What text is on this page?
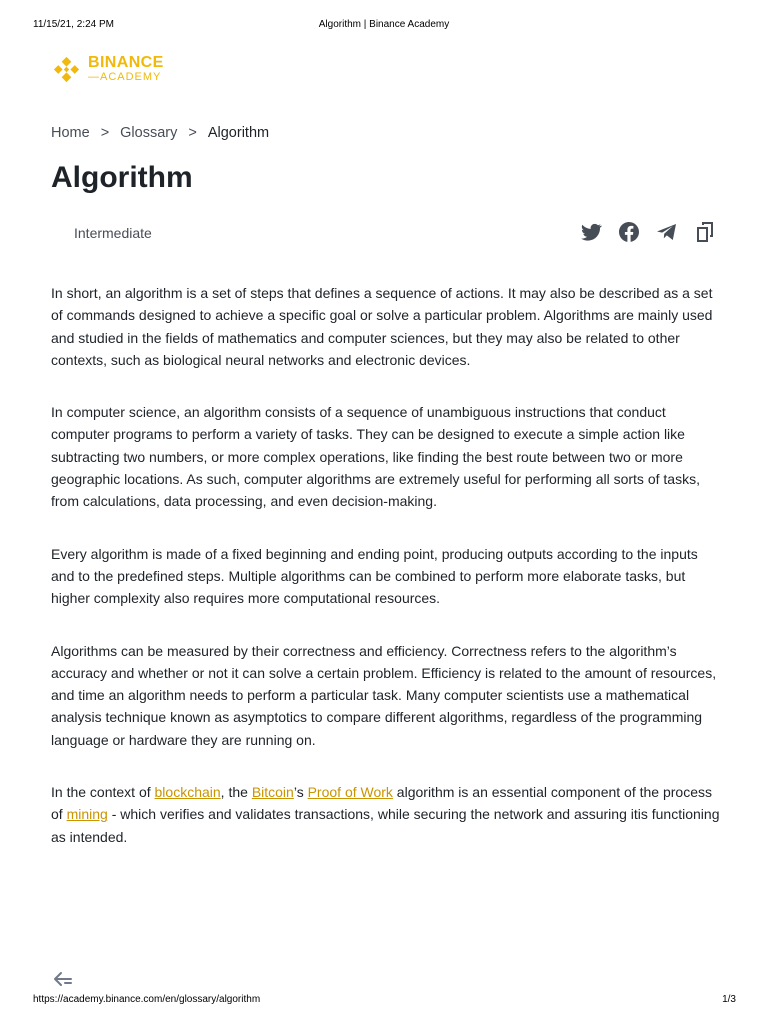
11/15/21, 2:24 PM	Algorithm | Binance Academy
BINANCE
—ACADEMY
Home > Glossary > Algorithm
Algorithm
Intermediate

In short, an algorithm is a set of steps that defines a sequence of actions. It may also be described as a set of commands designed to achieve a specific goal or solve a particular problem. Algorithms are mainly used and studied in the fields of mathematics and computer sciences, but they may also be related to other contexts, such as biological neural networks and electronic devices.

In computer science, an algorithm consists of a sequence of unambiguous instructions that conduct computer programs to perform a variety of tasks. They can be designed to execute a simple action like subtracting two numbers, or more complex operations, like finding the best route between two or more geographic locations. As such, computer algorithms are extremely useful for performing all sorts of tasks, from calculations, data processing, and even decision-making.

Every algorithm is made of a fixed beginning and ending point, producing outputs according to the inputs and to the predefined steps. Multiple algorithms can be combined to perform more elaborate tasks, but higher complexity also requires more computational resources.

Algorithms can be measured by their correctness and efficiency. Correctness refers to the algorithm’s accuracy and whether or not it can solve a certain problem. Efficiency is related to the amount of resources, and time an algorithm needs to perform a particular task. Many computer scientists use a mathematical analysis technique known as asymptotics to compare different algorithms, regardless of the programming language or hardware they are running on.

In the context of blockchain, the Bitcoin’s Proof of Work algorithm is an essential component of the process of mining - which verifies and validates transactions, while securing the network and assuring itis functioning as intended.

https://academy.binance.com/en/glossary/algorithm	1/3
